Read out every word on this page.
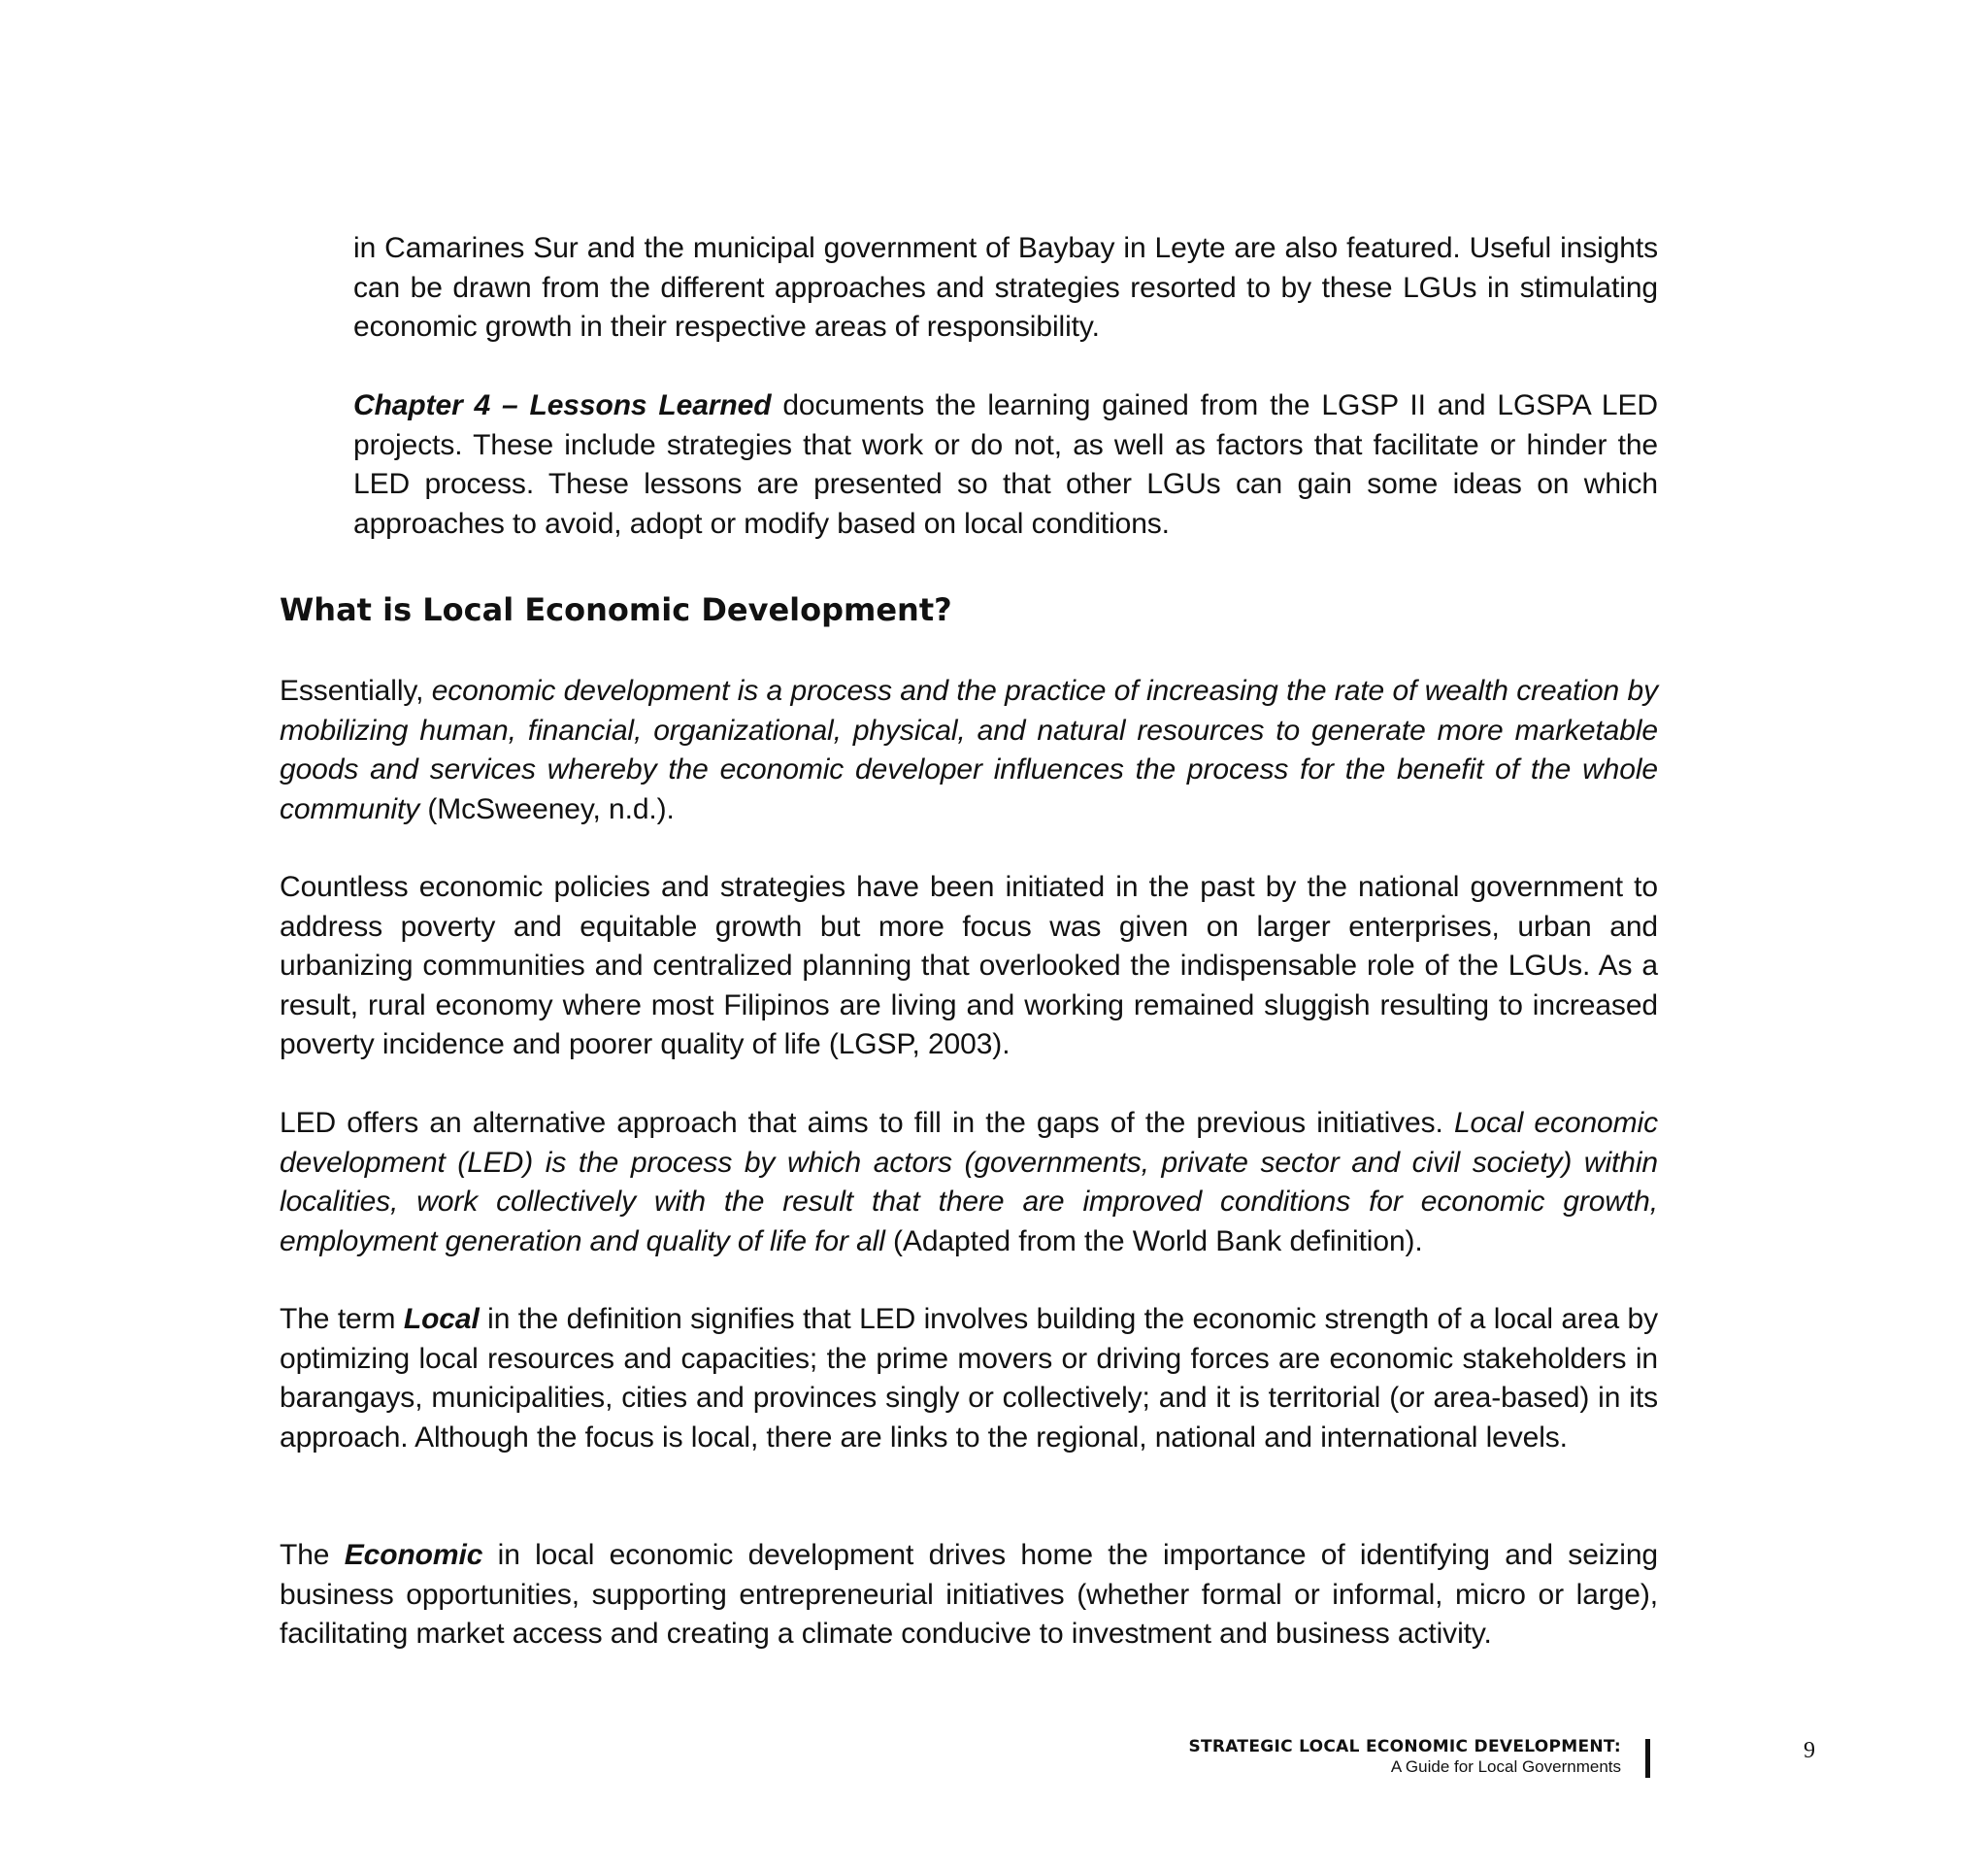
in Camarines Sur and the municipal government of Baybay in Leyte are also featured. Useful insights can be drawn from the different approaches and strategies resorted to by these LGUs in stimulating economic growth in their respective areas of responsibility.

Chapter 4 – Lessons Learned documents the learning gained from the LGSP II and LGSPA LED projects. These include strategies that work or do not, as well as factors that facilitate or hinder the LED process. These lessons are presented so that other LGUs can gain some ideas on which approaches to avoid, adopt or modify based on local conditions.

What is Local Economic Development?

Essentially, economic development is a process and the practice of increasing the rate of wealth creation by mobilizing human, financial, organizational, physical, and natural resources to generate more marketable goods and services whereby the economic developer influences the process for the benefit of the whole community (McSweeney, n.d.).

Countless economic policies and strategies have been initiated in the past by the national government to address poverty and equitable growth but more focus was given on larger enterprises, urban and urbanizing communities and centralized planning that overlooked the indispensable role of the LGUs. As a result, rural economy where most Filipinos are living and working remained sluggish resulting to increased poverty incidence and poorer quality of life (LGSP, 2003).

LED offers an alternative approach that aims to fill in the gaps of the previous initiatives. Local economic development (LED) is the process by which actors (governments, private sector and civil society) within localities, work collectively with the result that there are improved conditions for economic growth, employment generation and quality of life for all (Adapted from the World Bank definition).

The term Local in the definition signifies that LED involves building the economic strength of a local area by optimizing local resources and capacities; the prime movers or driving forces are economic stakeholders in barangays, municipalities, cities and provinces singly or collectively; and it is territorial (or area-based) in its approach. Although the focus is local, there are links to the regional, national and international levels.

The Economic in local economic development drives home the importance of identifying and seizing business opportunities, supporting entrepreneurial initiatives (whether formal or informal, micro or large), facilitating market access and creating a climate conducive to investment and business activity.

STRATEGIC LOCAL ECONOMIC DEVELOPMENT:
A Guide for Local Governments
9
